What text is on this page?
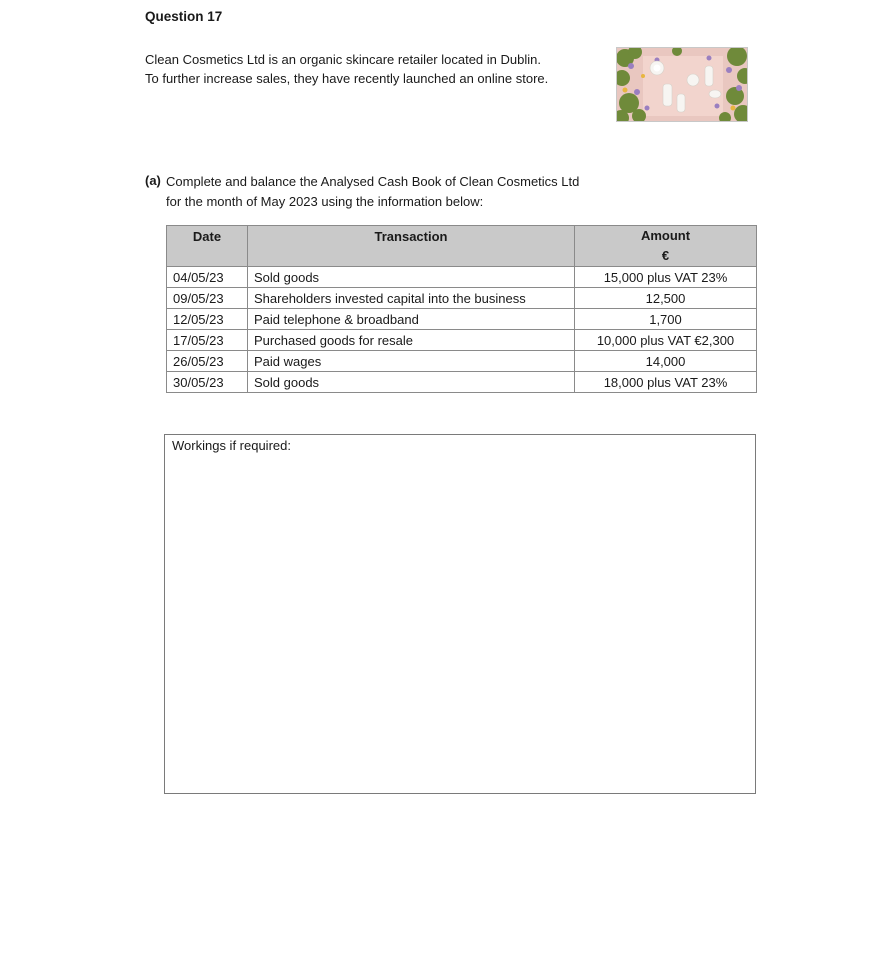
Question 17
Clean Cosmetics Ltd is an organic skincare retailer located in Dublin.
To further increase sales, they have recently launched an online store.
(a) Complete and balance the Analysed Cash Book of Clean Cosmetics Ltd
for the month of May 2023 using the information below:
Date	Transaction	Amount
€

04/05/23	Sold goods	15,000 plus VAT 23%
09/05/23	Shareholders invested capital into the business	12,500
12/05/23	Paid telephone & broadband	1,700
17/05/23	Purchased goods for resale	10,000 plus VAT €2,300
26/05/23	Paid wages	14,000
30/05/23	Sold goods	18,000 plus VAT 23%
Workings if required:
